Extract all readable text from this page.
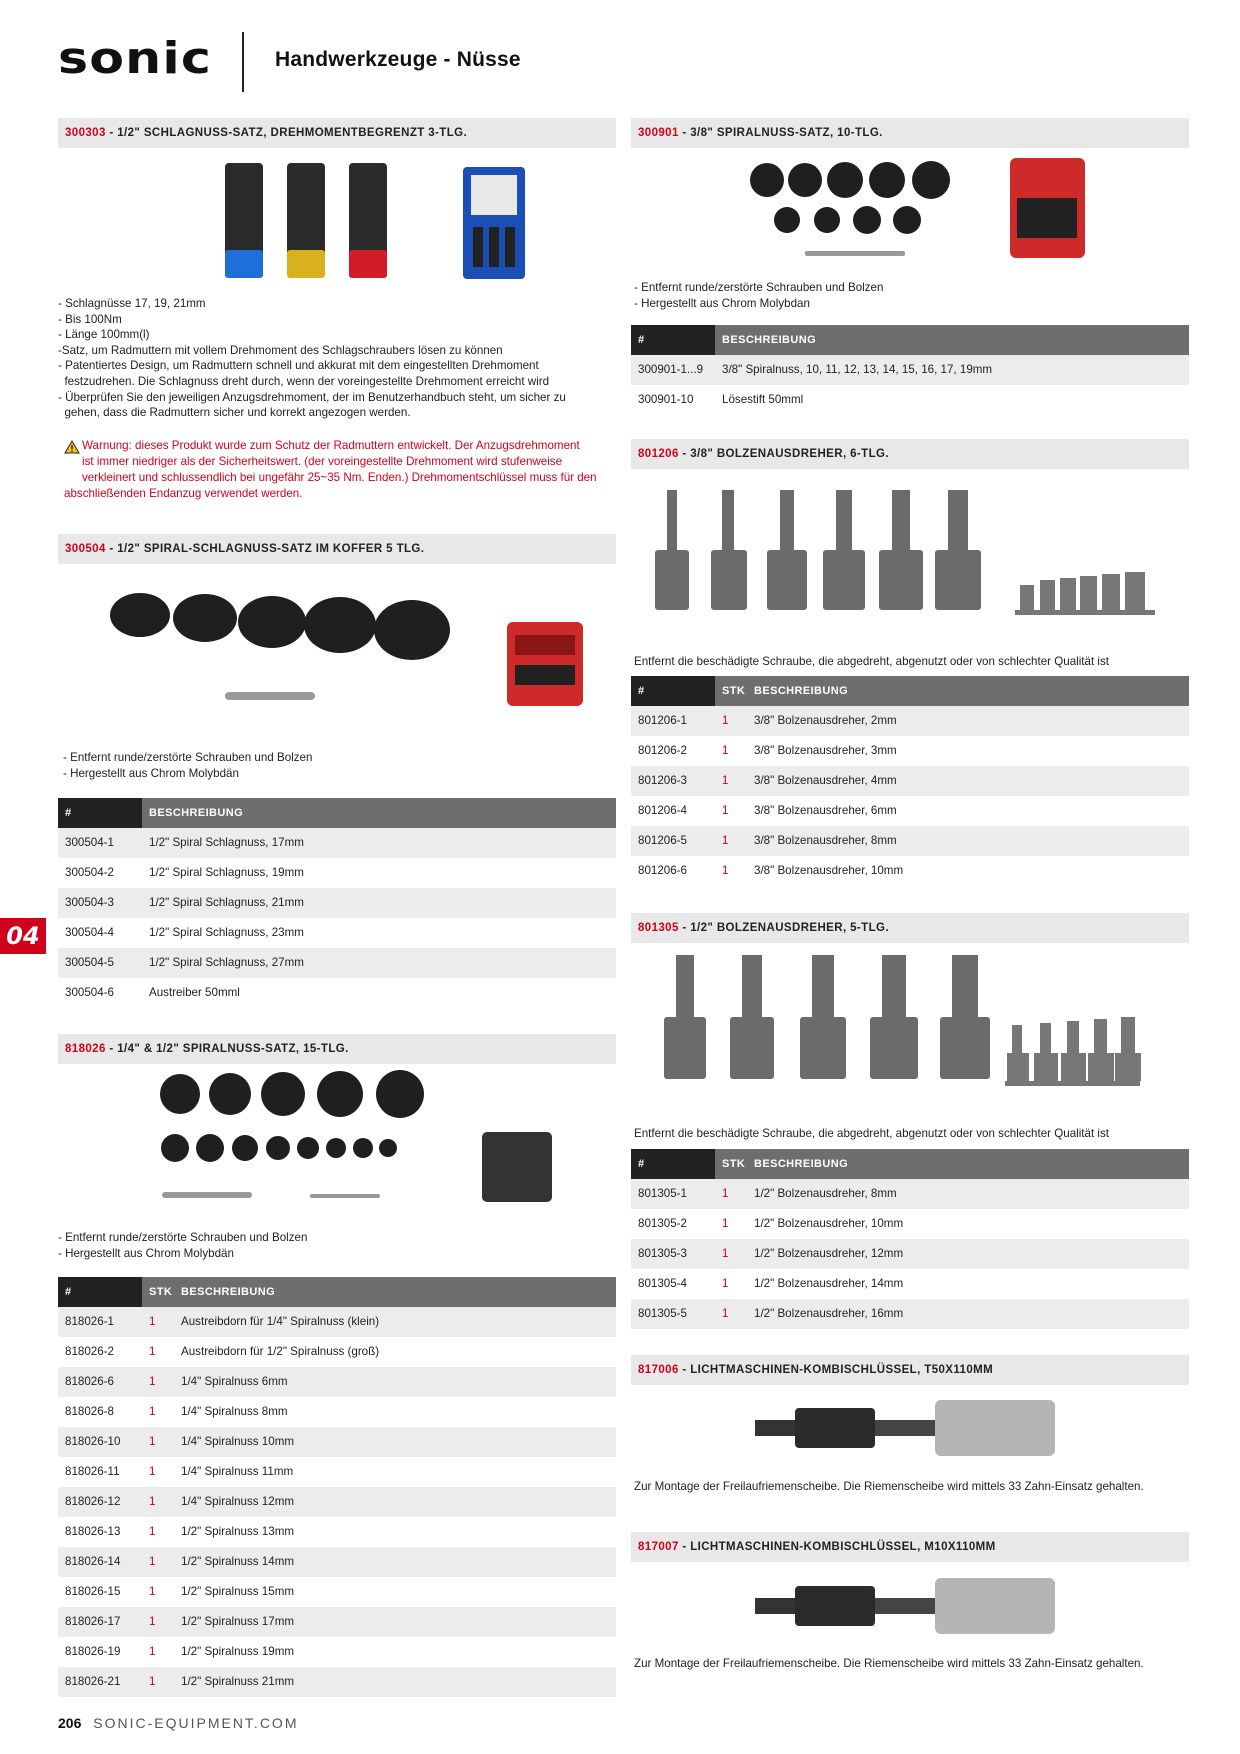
sonic	Handwerkzeuge - Nüsse
04
300303 - 1/2" SCHLAGNUSS-SATZ, DREHMOMENTBEGRENZT 3-TLG.
- Schlagnüsse 17, 19, 21mm
- Bis 100Nm
- Länge 100mm(l)
-Satz, um Radmuttern mit vollem Drehmoment des Schlagschraubers lösen zu können
- Patentiertes Design, um Radmuttern schnell und akkurat mit dem eingestellten Drehmoment
festzudrehen. Die Schlagnuss dreht durch, wenn der voreingestellte Drehmoment erreicht wird
- Überprüfen Sie den jeweiligen Anzugsdrehmoment, der im Benutzerhandbuch steht, um sicher zu
gehen, dass die Radmuttern sicher und korrekt angezogen werden.
Warnung: dieses Produkt wurde zum Schutz der Radmuttern entwickelt. Der Anzugsdrehmoment
ist immer niedriger als der Sicherheitswert. (der voreingestellte Drehmoment wird stufenweise
verkleinert und schlussendlich bei ungefähr 25~35 Nm. Enden.) Drehmomentschlüssel muss für den
abschließenden Endanzug verwendet werden.
300504 - 1/2" SPIRAL-SCHLAGNUSS-SATZ IM KOFFER 5 TLG.
- Entfernt runde/zerstörte Schrauben und Bolzen
- Hergestellt aus Chrom Molybdän
#	BESCHREIBUNG
300504-1	1/2" Spiral Schlagnuss, 17mm
300504-2	1/2" Spiral Schlagnuss, 19mm
300504-3	1/2" Spiral Schlagnuss, 21mm
300504-4	1/2" Spiral Schlagnuss, 23mm
300504-5	1/2" Spiral Schlagnuss, 27mm
300504-6	Austreiber 50mml
818026 - 1/4" & 1/2" SPIRALNUSS-SATZ, 15-TLG.
- Entfernt runde/zerstörte Schrauben und Bolzen
- Hergestellt aus Chrom Molybdän
#	STK BESCHREIBUNG
818026-1	1	Austreibdorn für 1/4" Spiralnuss (klein)
818026-2	1	Austreibdorn für 1/2" Spiralnuss (groß)
818026-6	1	1/4" Spiralnuss 6mm
818026-8	1	1/4" Spiralnuss 8mm
818026-10	1	1/4" Spiralnuss 10mm
818026-11	1	1/4" Spiralnuss 11mm
818026-12	1	1/4" Spiralnuss 12mm
818026-13	1	1/2" Spiralnuss 13mm
818026-14	1	1/2" Spiralnuss 14mm
818026-15	1	1/2" Spiralnuss 15mm
818026-17	1	1/2" Spiralnuss 17mm
818026-19	1	1/2" Spiralnuss 19mm
818026-21	1	1/2" Spiralnuss 21mm
300901 - 3/8" SPIRALNUSS-SATZ, 10-TLG.
- Entfernt runde/zerstörte Schrauben und Bolzen
- Hergestellt aus Chrom Molybdan
#	BESCHREIBUNG
300901-1...9	3/8" Spiralnuss, 10, 11, 12, 13, 14, 15, 16, 17, 19mm
300901-10	Lösestift 50mml
801206 - 3/8" BOLZENAUSDREHER, 6-TLG.
Entfernt die beschädigte Schraube, die abgedreht, abgenutzt oder von schlechter Qualität ist
#	STK BESCHREIBUNG
801206-1	1	3/8" Bolzenausdreher, 2mm
801206-2	1	3/8" Bolzenausdreher, 3mm
801206-3	1	3/8" Bolzenausdreher, 4mm
801206-4	1	3/8" Bolzenausdreher, 6mm
801206-5	1	3/8" Bolzenausdreher, 8mm
801206-6	1	3/8" Bolzenausdreher, 10mm
801305 - 1/2" BOLZENAUSDREHER, 5-TLG.
Entfernt die beschädigte Schraube, die abgedreht, abgenutzt oder von schlechter Qualität ist
#	STK BESCHREIBUNG
801305-1	1	1/2" Bolzenausdreher, 8mm
801305-2	1	1/2" Bolzenausdreher, 10mm
801305-3	1	1/2" Bolzenausdreher, 12mm
801305-4	1	1/2" Bolzenausdreher, 14mm
801305-5	1	1/2" Bolzenausdreher, 16mm
817006 - LICHTMASCHINEN-KOMBISCHLÜSSEL, T50X110MM
Zur Montage der Freilaufriemenscheibe. Die Riemenscheibe wird mittels 33 Zahn-Einsatz gehalten.
817007 - LICHTMASCHINEN-KOMBISCHLÜSSEL, M10X110MM
Zur Montage der Freilaufriemenscheibe. Die Riemenscheibe wird mittels 33 Zahn-Einsatz gehalten.
206 SONIC-EQUIPMENT.COM
